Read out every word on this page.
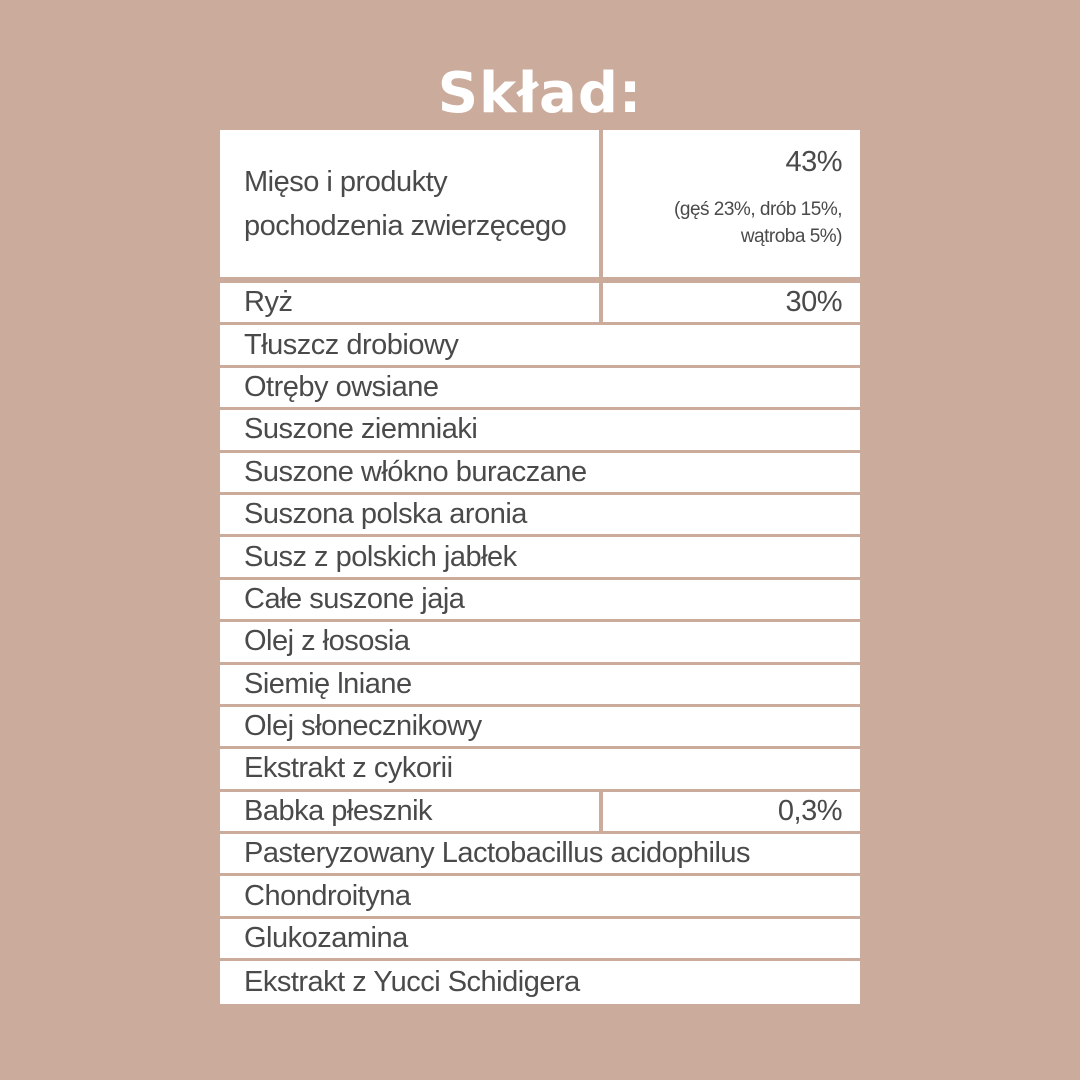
Skład:
Mięso i produkty pochodzenia zwierzęcego
43%
(gęś 23%, drób 15%, wątroba 5%)
Ryż	30%
Tłuszcz drobiowy
Otręby owsiane
Suszone ziemniaki
Suszone włókno buraczane
Suszona polska aronia
Susz z polskich jabłek
Całe suszone jaja
Olej z łososia
Siemię lniane
Olej słonecznikowy
Ekstrakt z cykorii
Babka płesznik	0,3%
Pasteryzowany Lactobacillus acidophilus
Chondroityna
Glukozamina
Ekstrakt z Yucci Schidigera
